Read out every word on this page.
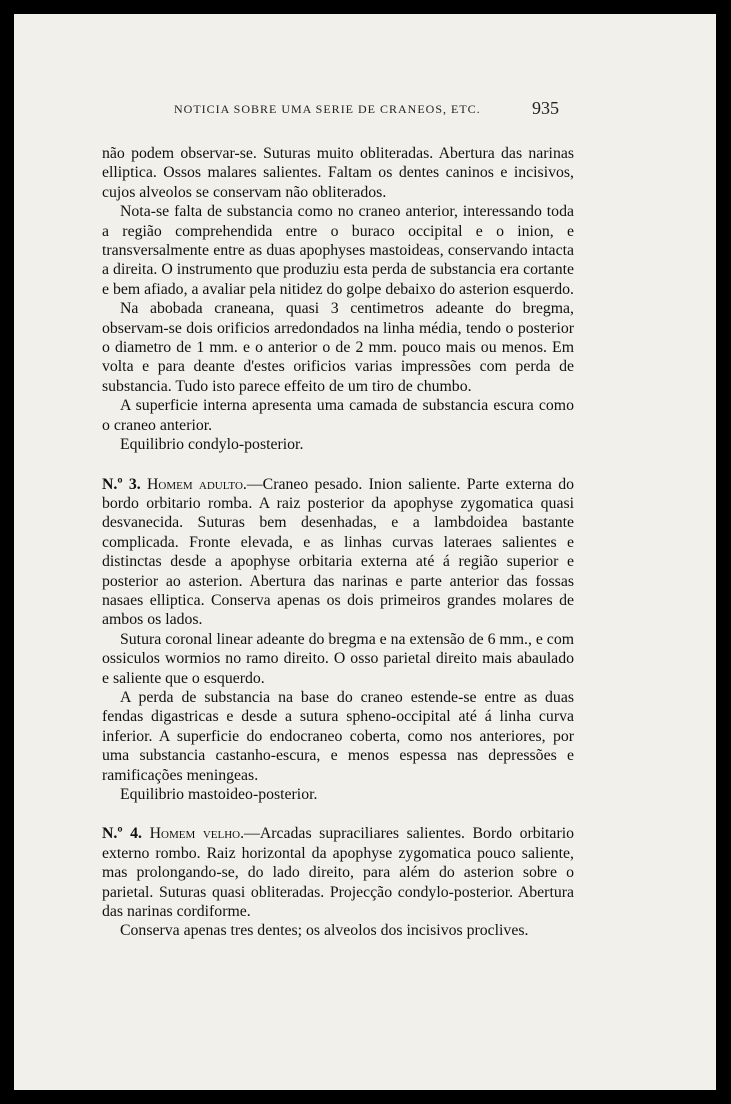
NOTICIA SOBRE UMA SERIE DE CRANEOS, ETC.	935

não podem observar-se. Suturas muito obliteradas. Abertura das narinas elliptica. Ossos malares salientes. Faltam os dentes caninos e incisivos, cujos alveolos se conservam não obliterados.

Nota-se falta de substancia como no craneo anterior, interessando toda a região comprehendida entre o buraco occipital e o inion, e transversalmente entre as duas apophyses mastoideas, conservando intacta a direita. O instrumento que produziu esta perda de substancia era cortante e bem afiado, a avaliar pela nitidez do golpe debaixo do asterion esquerdo.

Na abobada craneana, quasi 3 centimetros adeante do bregma, observam-se dois orificios arredondados na linha média, tendo o posterior o diametro de 1 mm. e o anterior o de 2 mm. pouco mais ou menos. Em volta e para deante d'estes orificios varias impressões com perda de substancia. Tudo isto parece effeito de um tiro de chumbo.

A superficie interna apresenta uma camada de substancia escura como o craneo anterior.

Equilibrio condylo-posterior.

N.º 3. Homem adulto.—Craneo pesado. Inion saliente. Parte externa do bordo orbitario romba. A raiz posterior da apophyse zygomatica quasi desvanecida. Suturas bem desenhadas, e a lambdoidea bastante complicada. Fronte elevada, e as linhas curvas lateraes salientes e distinctas desde a apophyse orbitaria externa até á região superior e posterior ao asterion. Abertura das narinas e parte anterior das fossas nasaes elliptica. Conserva apenas os dois primeiros grandes molares de ambos os lados.

Sutura coronal linear adeante do bregma e na extensão de 6 mm., e com ossiculos wormios no ramo direito. O osso parietal direito mais abaulado e saliente que o esquerdo.

A perda de substancia na base do craneo estende-se entre as duas fendas digastricas e desde a sutura spheno-occipital até á linha curva inferior. A superficie do endocraneo coberta, como nos anteriores, por uma substancia castanho-escura, e menos espessa nas depressões e ramificações meningeas.

Equilibrio mastoideo-posterior.

N.º 4. Homem velho.—Arcadas supraciliares salientes. Bordo orbitario externo rombo. Raiz horizontal da apophyse zygomatica pouco saliente, mas prolongando-se, do lado direito, para além do asterion sobre o parietal. Suturas quasi obliteradas. Projecção condylo-posterior. Abertura das narinas cordiforme.

Conserva apenas tres dentes; os alveolos dos incisivos proclives.
